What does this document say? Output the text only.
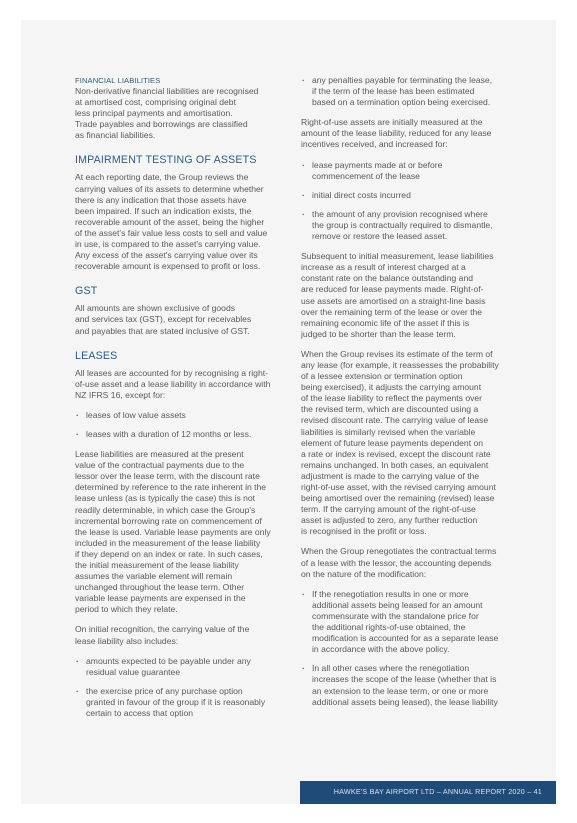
FINANCIAL LIABILITIES

Non-derivative financial liabilities are recognised
at amortised cost, comprising original debt
less principal payments and amortisation.
Trade payables and borrowings are classified
as financial liabilities.

IMPAIRMENT TESTING OF ASSETS

At each reporting date, the Group reviews the
carrying values of its assets to determine whether
there is any indication that those assets have
been impaired. If such an indication exists, the
recoverable amount of the asset, being the higher
of the asset's fair value less costs to sell and value
in use, is compared to the asset's carrying value.
Any excess of the asset's carrying value over its
recoverable amount is expensed to profit or loss.

GST

All amounts are shown exclusive of goods
and services tax (GST), except for receivables
and payables that are stated inclusive of GST.

LEASES

All leases are accounted for by recognising a right-
of-use asset and a lease liability in accordance with
NZ IFRS 16, except for:

· leases of low value assets
· leases with a duration of 12 months or less.

Lease liabilities are measured at the present
value of the contractual payments due to the
lessor over the lease term, with the discount rate
determined by reference to the rate inherent in the
lease unless (as is typically the case) this is not
readily determinable, in which case the Group's
incremental borrowing rate on commencement of
the lease is used. Variable lease payments are only
included in the measurement of the lease liability
if they depend on an index or rate. In such cases,
the initial measurement of the lease liability
assumes the variable element will remain
unchanged throughout the lease term. Other
variable lease payments are expensed in the
period to which they relate.

On initial recognition, the carrying value of the
lease liability also includes:

· amounts expected to be payable under any
residual value guarantee
· the exercise price of any purchase option
granted in favour of the group if it is reasonably
certain to access that option
· any penalties payable for terminating the lease,
if the term of the lease has been estimated
based on a termination option being exercised.

Right-of-use assets are initially measured at the
amount of the lease liability, reduced for any lease
incentives received, and increased for:

· lease payments made at or before
commencement of the lease
· initial direct costs incurred
· the amount of any provision recognised where
the group is contractually required to dismantle,
remove or restore the leased asset.

Subsequent to initial measurement, lease liabilities
increase as a result of interest charged at a
constant rate on the balance outstanding and
are reduced for lease payments made. Right-of-
use assets are amortised on a straight-line basis
over the remaining term of the lease or over the
remaining economic life of the asset if this is
judged to be shorter than the lease term.

When the Group revises its estimate of the term of
any lease (for example, it reassesses the probability
of a lessee extension or termination option
being exercised), it adjusts the carrying amount
of the lease liability to reflect the payments over
the revised term, which are discounted using a
revised discount rate. The carrying value of lease
liabilities is similarly revised when the variable
element of future lease payments dependent on
a rate or index is revised, except the discount rate
remains unchanged. In both cases, an equivalent
adjustment is made to the carrying value of the
right-of-use asset, with the revised carrying amount
being amortised over the remaining (revised) lease
term. If the carrying amount of the right-of-use
asset is adjusted to zero, any further reduction
is recognised in the profit or loss.

When the Group renegotiates the contractual terms
of a lease with the lessor, the accounting depends
on the nature of the modification:

· If the renegotiation results in one or more
additional assets being leased for an amount
commensurate with the standalone price for
the additional rights-of-use obtained, the
modification is accounted for as a separate lease
in accordance with the above policy.
· In all other cases where the renegotiation
increases the scope of the lease (whether that is
an extension to the lease term, or one or more
additional assets being leased), the lease liability
HAWKE'S BAY AIRPORT LTD – ANNUAL REPORT 2020 – 41
